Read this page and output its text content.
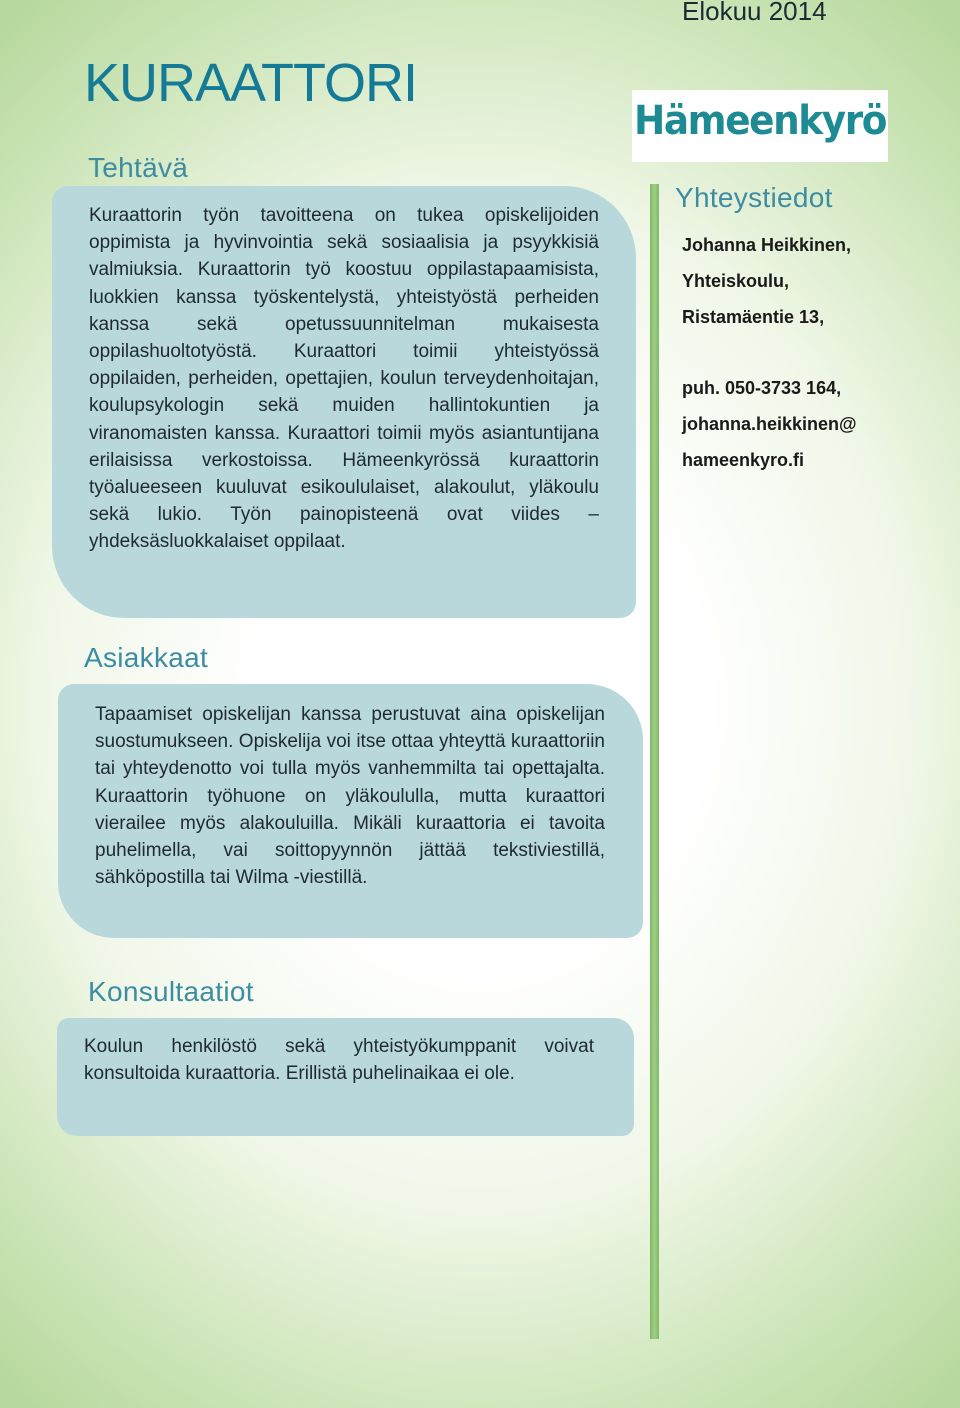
Elokuu 2014
KURAATTORI
Tehtävä

Kuraattorin työn tavoitteena on tukea opiskelijoiden oppimista ja hyvinvointia sekä sosiaalisia ja psyykkisiä valmiuksia. Kuraattorin työ koostuu oppilastapaamisista, luokkien kanssa työskentelystä, yhteistyöstä perheiden kanssa sekä opetussuunnitelman mukaisesta oppilashuoltotyöstä. Kuraattori toimii yhteistyössä oppilaiden, perheiden, opettajien, koulun terveydenhoitajan, koulupsykologin sekä muiden hallintokuntien ja viranomaisten kanssa. Kuraattori toimii myös asiantuntijana erilaisissa verkostoissa. Hämeenkyrössä kuraattorin työalueeseen kuuluvat esikoululaiset, alakoulut, yläkoulu sekä lukio. Työn painopisteenä ovat viides – yhdeksäsluokkalaiset oppilaat.

Asiakkaat

Tapaamiset opiskelijan kanssa perustuvat aina opiskelijan suostumukseen. Opiskelija voi itse ottaa yhteyttä kuraattoriin tai yhteydenotto voi tulla myös vanhemmilta tai opettajalta. Kuraattorin työhuone on yläkoululla, mutta kuraattori vierailee myös alakouluilla. Mikäli kuraattoria ei tavoita puhelimella, vai soittopyynnön jättää tekstiviestillä, sähköpostilla tai Wilma -viestillä.

Konsultaatiot

Koulun henkilöstö sekä yhteistyökumppanit voivat konsultoida kuraattoria. Erillistä puhelinaikaa ei ole.

Hämeenkyrö
Yhteystiedot
Johanna Heikkinen,
Yhteiskoulu,
Ristamäentie 13,
puh. 050-3733 164,
johanna.heikkinen@
hameenkyro.fi
